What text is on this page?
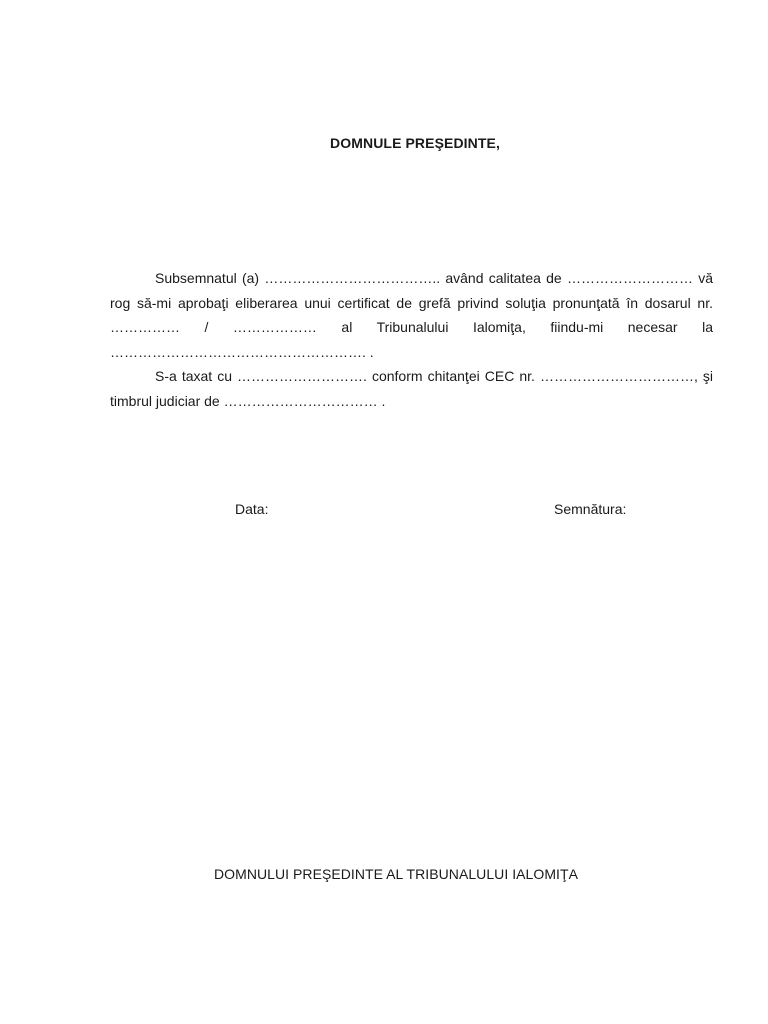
DOMNULE PREŞEDINTE,

Subsemnatul (a) ……………………………….. având calitatea de ……………………… vă rog să-mi aprobaţi eliberarea unui certificat de grefă privind soluţia pronunţată în dosarul nr. …………… / ……………… al Tribunalului Ialomiţa, fiindu-mi necesar la ………………………………………………. .

S-a taxat cu ………………………. conform chitanţei CEC nr. ……………………………, şi timbrul judiciar de …………………………… .

Data:	Semnătura:
DOMNULUI PREŞEDINTE AL TRIBUNALULUI IALOMIŢA
